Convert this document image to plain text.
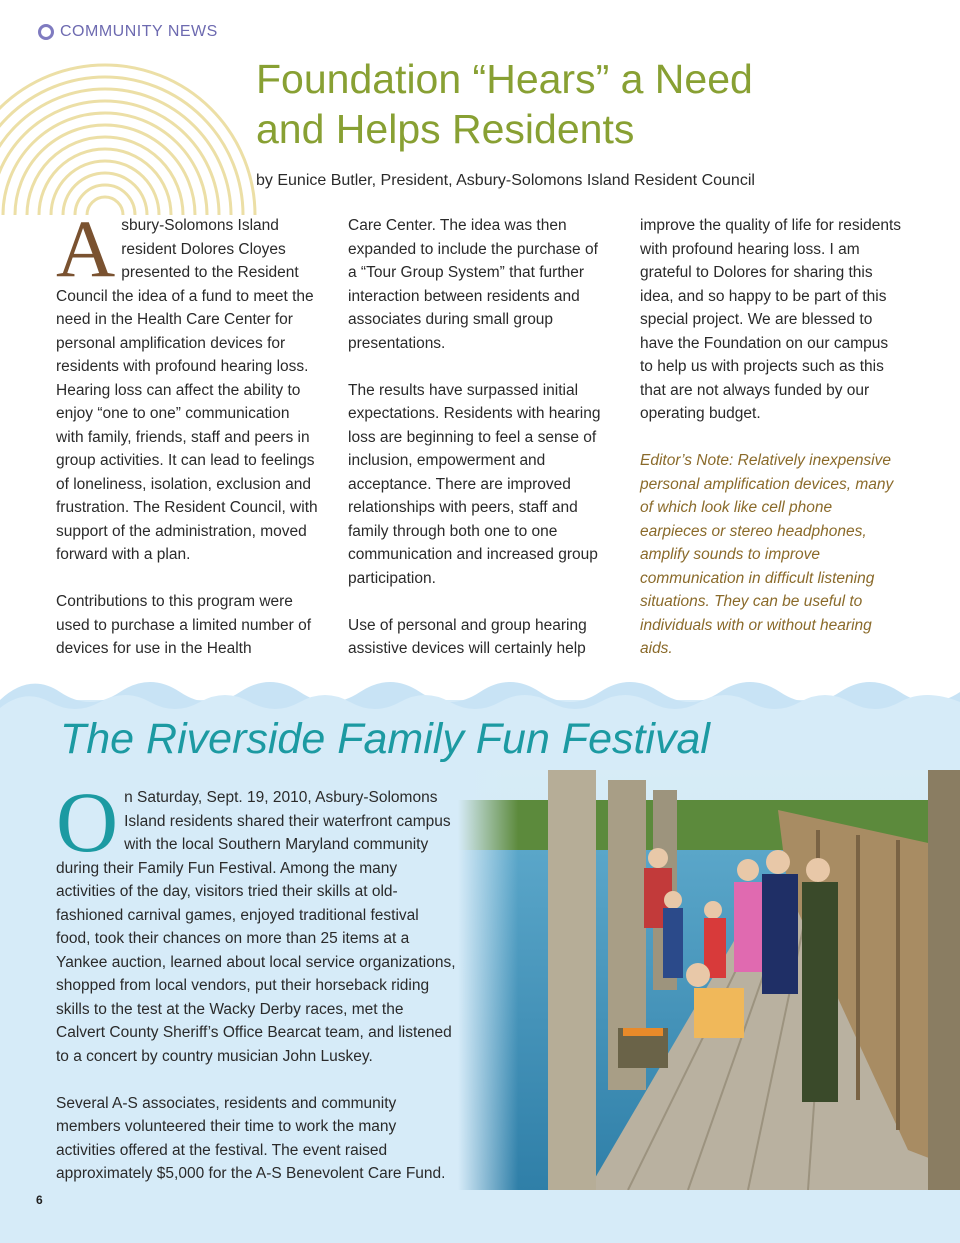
COMMUNITY NEWS
Foundation “Hears” a Need
and Helps Residents
by Eunice Butler, President, Asbury-Solomons Island Resident Council

A sbury-Solomons Island resident Dolores Cloyes presented to the Resident Council the idea of a fund to meet the need in the Health Care Center for personal amplification devices for residents with profound hearing loss. Hearing loss can affect the ability to enjoy “one to one” communication with family, friends, staff and peers in group activities. It can lead to feelings of loneliness, isolation, exclusion and frustration. The Resident Council, with support of the administration, moved forward with a plan.

Contributions to this program were used to purchase a limited number of devices for use in the Health

Care Center. The idea was then expanded to include the purchase of a “Tour Group System” that further interaction between residents and associates during small group presentations.

The results have surpassed initial expectations. Residents with hearing loss are beginning to feel a sense of inclusion, empowerment and acceptance. There are improved relationships with peers, staff and family through both one to one communication and increased group participation.

Use of personal and group hearing assistive devices will certainly help

improve the quality of life for residents with profound hearing loss. I am grateful to Dolores for sharing this idea, and so happy to be part of this special project. We are blessed to have the Foundation on our campus to help us with projects such as this that are not always funded by our operating budget.

Editor’s Note: Relatively inexpensive personal amplification devices, many of which look like cell phone earpieces or stereo headphones, amplify sounds to improve communication in difficult listening situations. They can be useful to individuals with or without hearing aids.

The Riverside Family Fun Festival

O n Saturday, Sept. 19, 2010, Asbury-Solomons Island residents shared their waterfront campus with the local Southern Maryland community during their Family Fun Festival. Among the many activities of the day, visitors tried their skills at old-fashioned carnival games, enjoyed traditional festival food, took their chances on more than 25 items at a Yankee auction, learned about local service organizations, shopped from local vendors, put their horseback riding skills to the test at the Wacky Derby races, met the Calvert County Sheriff’s Office Bearcat team, and listened to a concert by country musician John Luskey.

Several A-S associates, residents and community members volunteered their time to work the many activities offered at the festival. The event raised approximately $5,000 for the A-S Benevolent Care Fund.

6
